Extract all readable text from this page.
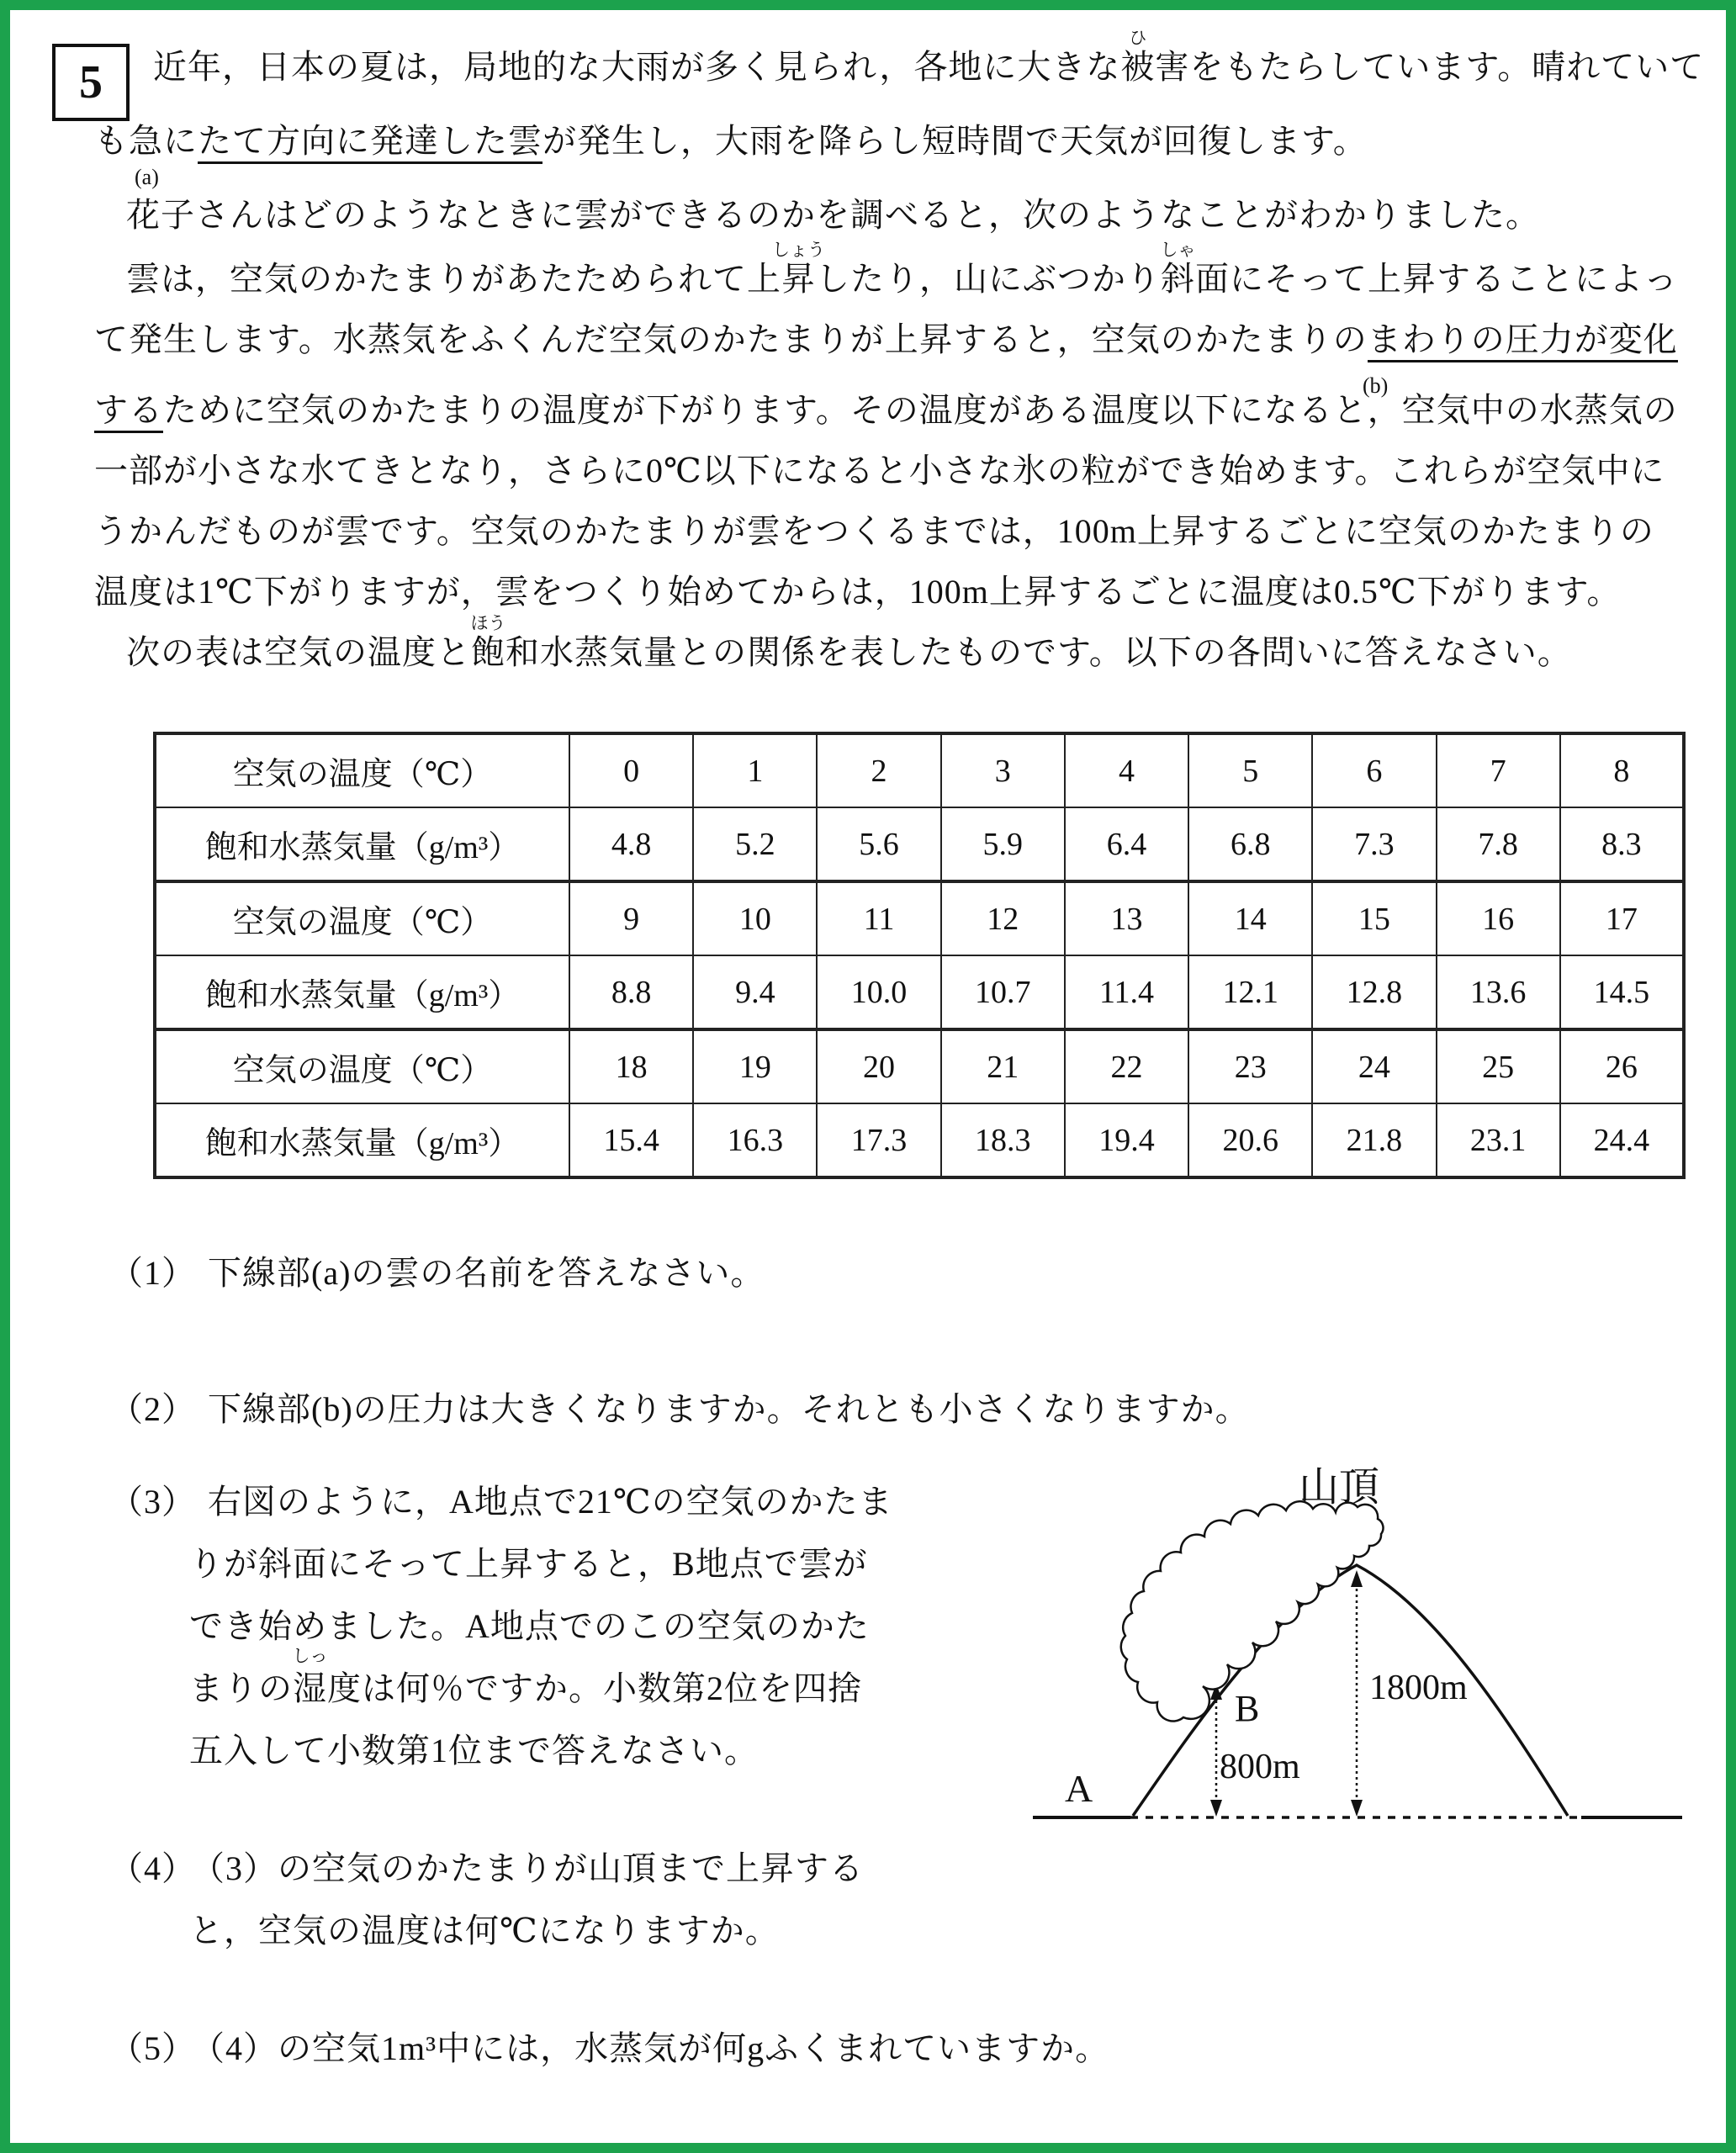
5 近年，日本の夏は，局地的な大雨が多く見られ，各地に大きな
ひ
被害をもたらしています。晴れていて
も急にたて方向に発達した雲が発生し，大雨を降らし短時間で天気が回復します。
(a)
花子さんはどのようなときに雲ができるのかを調べると，次のようなことがわかりました。
雲は，空気のかたまりがあたためられて上
しょう
昇したり，山にぶつかり
しゃ
斜面にそって上昇することによっ
て発生します。水蒸気をふくんだ空気のかたまりが上昇すると，空気のかたまりのまわりの圧力が変化
(b)
するために空気のかたまりの温度が下がります。その温度がある温度以下になると，空気中の水蒸気の
一部が小さな水てきとなり，さらに0℃以下になると小さな氷の粒ができ始めます。これらが空気中に
うかんだものが雲です。空気のかたまりが雲をつくるまでは，100m上昇するごとに空気のかたまりの
温度は1℃下がりますが，雲をつくり始めてからは，100m上昇するごとに温度は0.5℃下がります。
次の表は空気の温度と
ほう
飽和水蒸気量との関係を表したものです。以下の各問いに答えなさい。
空気の温度（℃）	0	1	2	3	4	5	6	7	8
飽和水蒸気量（g/m³）	4.8	5.2	5.6	5.9	6.4	6.8	7.3	7.8	8.3
空気の温度（℃）	9	10	11	12	13	14	15	16	17
飽和水蒸気量（g/m³）	8.8	9.4	10.0	10.7	11.4	12.1	12.8	13.6	14.5
空気の温度（℃）	18	19	20	21	22	23	24	25	26
飽和水蒸気量（g/m³）	15.4	16.3	17.3	18.3	19.4	20.6	21.8	23.1	24.4
（1） 下線部(a)の雲の名前を答えなさい。
（2） 下線部(b)の圧力は大きくなりますか。それとも小さくなりますか。
（3） 右図のように，A地点で21℃の空気のかたま
りが斜面にそって上昇すると，B地点で雲が
でき始めました。A地点でのこの空気のかた
まりの
しっ
湿度は何％ですか。小数第2位を四捨
五入して小数第1位まで答えなさい。
（4） （3）の空気のかたまりが山頂まで上昇する
と，空気の温度は何℃になりますか。
（5） （4）の空気1m³中には，水蒸気が何gふくまれていますか。
山頂
B
800m
1800m
A
